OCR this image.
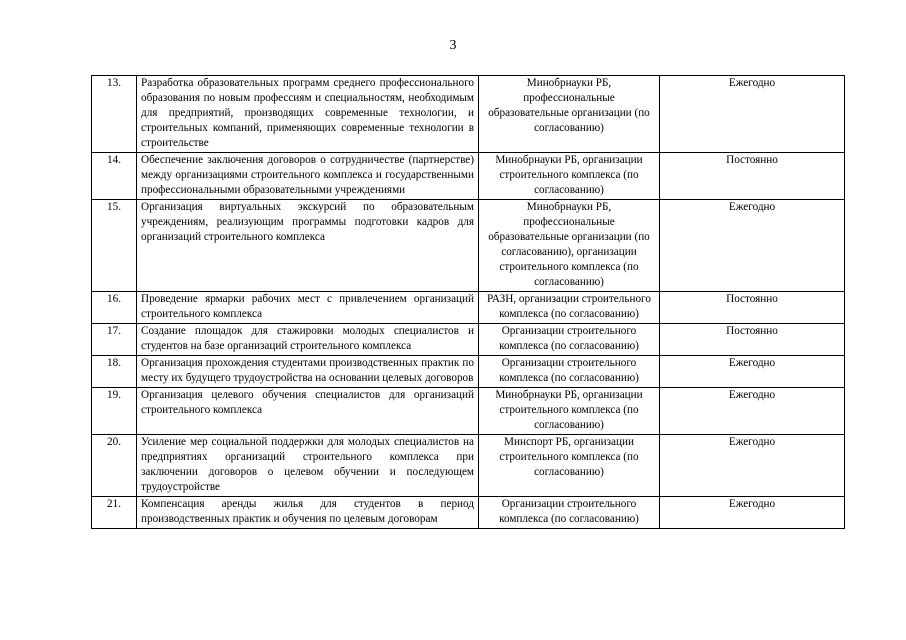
3
13.	Разработка образовательных программ среднего профессионального образования по новым профессиям и специальностям, необходимым для предприятий, производящих современные технологии, и строительных компаний, применяющих современные технологии в строительстве	Минобрнауки РБ, профессиональные образовательные организации (по согласованию)	Ежегодно
14.	Обеспечение заключения договоров о сотрудничестве (партнерстве) между организациями строительного комплекса и государственными профессиональными образовательными учреждениями	Минобрнауки РБ, организации строительного комплекса (по согласованию)	Постоянно
15.	Организация виртуальных экскурсий по образовательным учреждениям, реализующим программы подготовки кадров для организаций строительного комплекса	Минобрнауки РБ, профессиональные образовательные организации (по согласованию), организации строительного комплекса (по согласованию)	Ежегодно
16.	Проведение ярмарки рабочих мест с привлечением организаций строительного комплекса	РАЗН, организации строительного комплекса (по согласованию)	Постоянно
17.	Создание площадок для стажировки молодых специалистов и студентов на базе организаций строительного комплекса	Организации строительного комплекса (по согласованию)	Постоянно
18.	Организация прохождения студентами производственных практик по месту их будущего трудоустройства на основании целевых договоров	Организации строительного комплекса (по согласованию)	Ежегодно
19.	Организация целевого обучения специалистов для организаций строительного комплекса	Минобрнауки РБ, организации строительного комплекса (по согласованию)	Ежегодно
20.	Усиление мер социальной поддержки для молодых специалистов на предприятиях организаций строительного комплекса при заключении договоров о целевом обучении и последующем трудоустройстве	Минспорт РБ, организации строительного комплекса (по согласованию)	Ежегодно
21.	Компенсация аренды жилья для студентов в период производственных практик и обучения по целевым договорам	Организации строительного комплекса (по согласованию)	Ежегодно
